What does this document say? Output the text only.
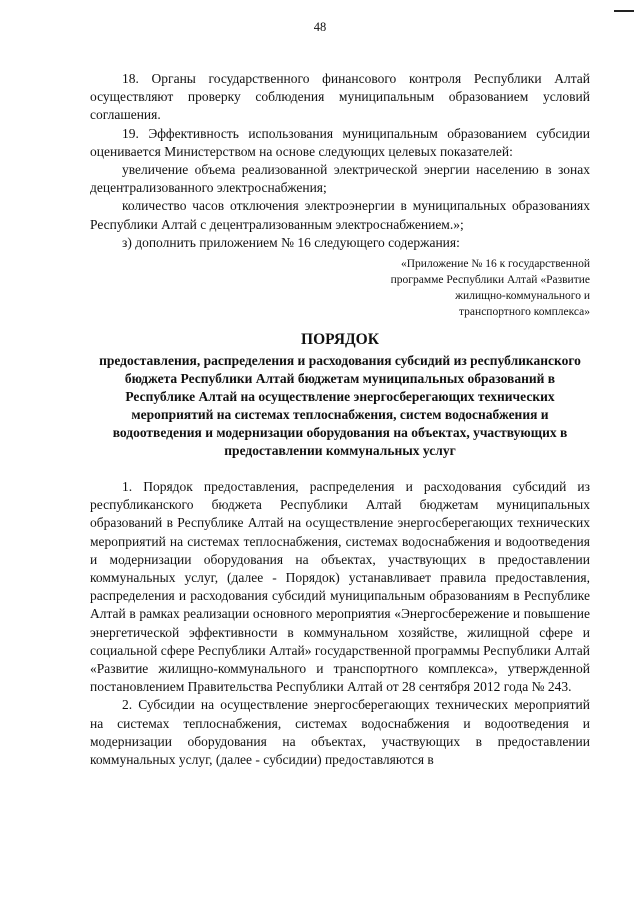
48

18. Органы государственного финансового контроля Республики Алтай осуществляют проверку соблюдения муниципальным образованием условий соглашения.

19. Эффективность использования муниципальным образованием субсидии оценивается Министерством на основе следующих целевых показателей:

увеличение объема реализованной электрической энергии населению в зонах децентрализованного электроснабжения;

количество часов отключения электроэнергии в муниципальных образованиях Республики Алтай с децентрализованным электроснабжением.»;

з) дополнить приложением № 16 следующего содержания:

«Приложение № 16 к государственной программе Республики Алтай «Развитие жилищно-коммунального и транспортного комплекса»
ПОРЯДОК

предоставления, распределения и расходования субсидий из республиканского бюджета Республики Алтай бюджетам муниципальных образований в Республике Алтай на осуществление энергосберегающих технических мероприятий на системах теплоснабжения, систем водоснабжения и водоотведения и модернизации оборудования на объектах, участвующих в предоставлении коммунальных услуг

1. Порядок предоставления, распределения и расходования субсидий из республиканского бюджета Республики Алтай бюджетам муниципальных образований в Республике Алтай на осуществление энергосберегающих технических мероприятий на системах теплоснабжения, системах водоснабжения и водоотведения и модернизации оборудования на объектах, участвующих в предоставлении коммунальных услуг, (далее - Порядок) устанавливает правила предоставления, распределения и расходования субсидий муниципальным образованиям в Республике Алтай в рамках реализации основного мероприятия «Энергосбережение и повышение энергетической эффективности в коммунальном хозяйстве, жилищной сфере и социальной сфере Республики Алтай» государственной программы Республики Алтай «Развитие жилищно-коммунального и транспортного комплекса», утвержденной постановлением Правительства Республики Алтай от 28 сентября 2012 года № 243.

2. Субсидии на осуществление энергосберегающих технических мероприятий на системах теплоснабжения, системах водоснабжения и водоотведения и модернизации оборудования на объектах, участвующих в предоставлении коммунальных услуг, (далее - субсидии) предоставляются в
